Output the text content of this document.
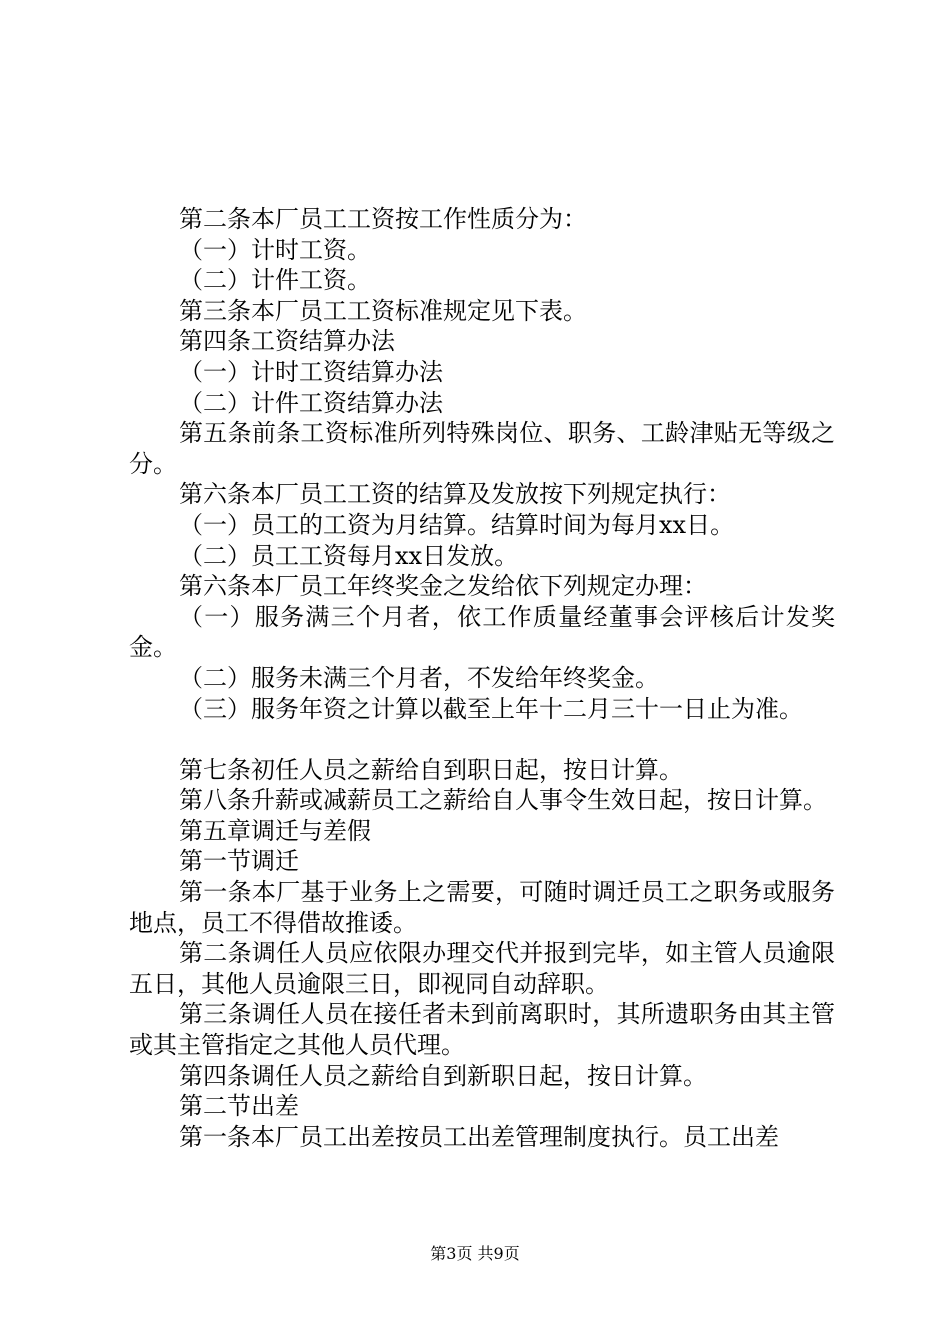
第二条本厂员工工资按工作性质分为：

（一）计时工资。

（二）计件工资。

第三条本厂员工工资标准规定见下表。

第四条工资结算办法

（一）计时工资结算办法

（二）计件工资结算办法

第五条前条工资标准所列特殊岗位、职务、工龄津贴无等级之分。

第六条本厂员工工资的结算及发放按下列规定执行：

（一）员工的工资为月结算。结算时间为每月xx日。

（二）员工工资每月xx日发放。

第六条本厂员工年终奖金之发给依下列规定办理：

（一）服务满三个月者，依工作质量经董事会评核后计发奖金。

（二）服务未满三个月者，不发给年终奖金。

（三）服务年资之计算以截至上年十二月三十一日止为准。

第七条初任人员之薪给自到职日起，按日计算。

第八条升薪或减薪员工之薪给自人事令生效日起，按日计算。

第五章调迁与差假

第一节调迁

第一条本厂基于业务上之需要，可随时调迁员工之职务或服务地点，员工不得借故推诿。

第二条调任人员应依限办理交代并报到完毕，如主管人员逾限五日，其他人员逾限三日，即视同自动辞职。

第三条调任人员在接任者未到前离职时，其所遗职务由其主管或其主管指定之其他人员代理。

第四条调任人员之薪给自到新职日起，按日计算。

第二节出差

第一条本厂员工出差按员工出差管理制度执行。员工出差

第3页 共9页
